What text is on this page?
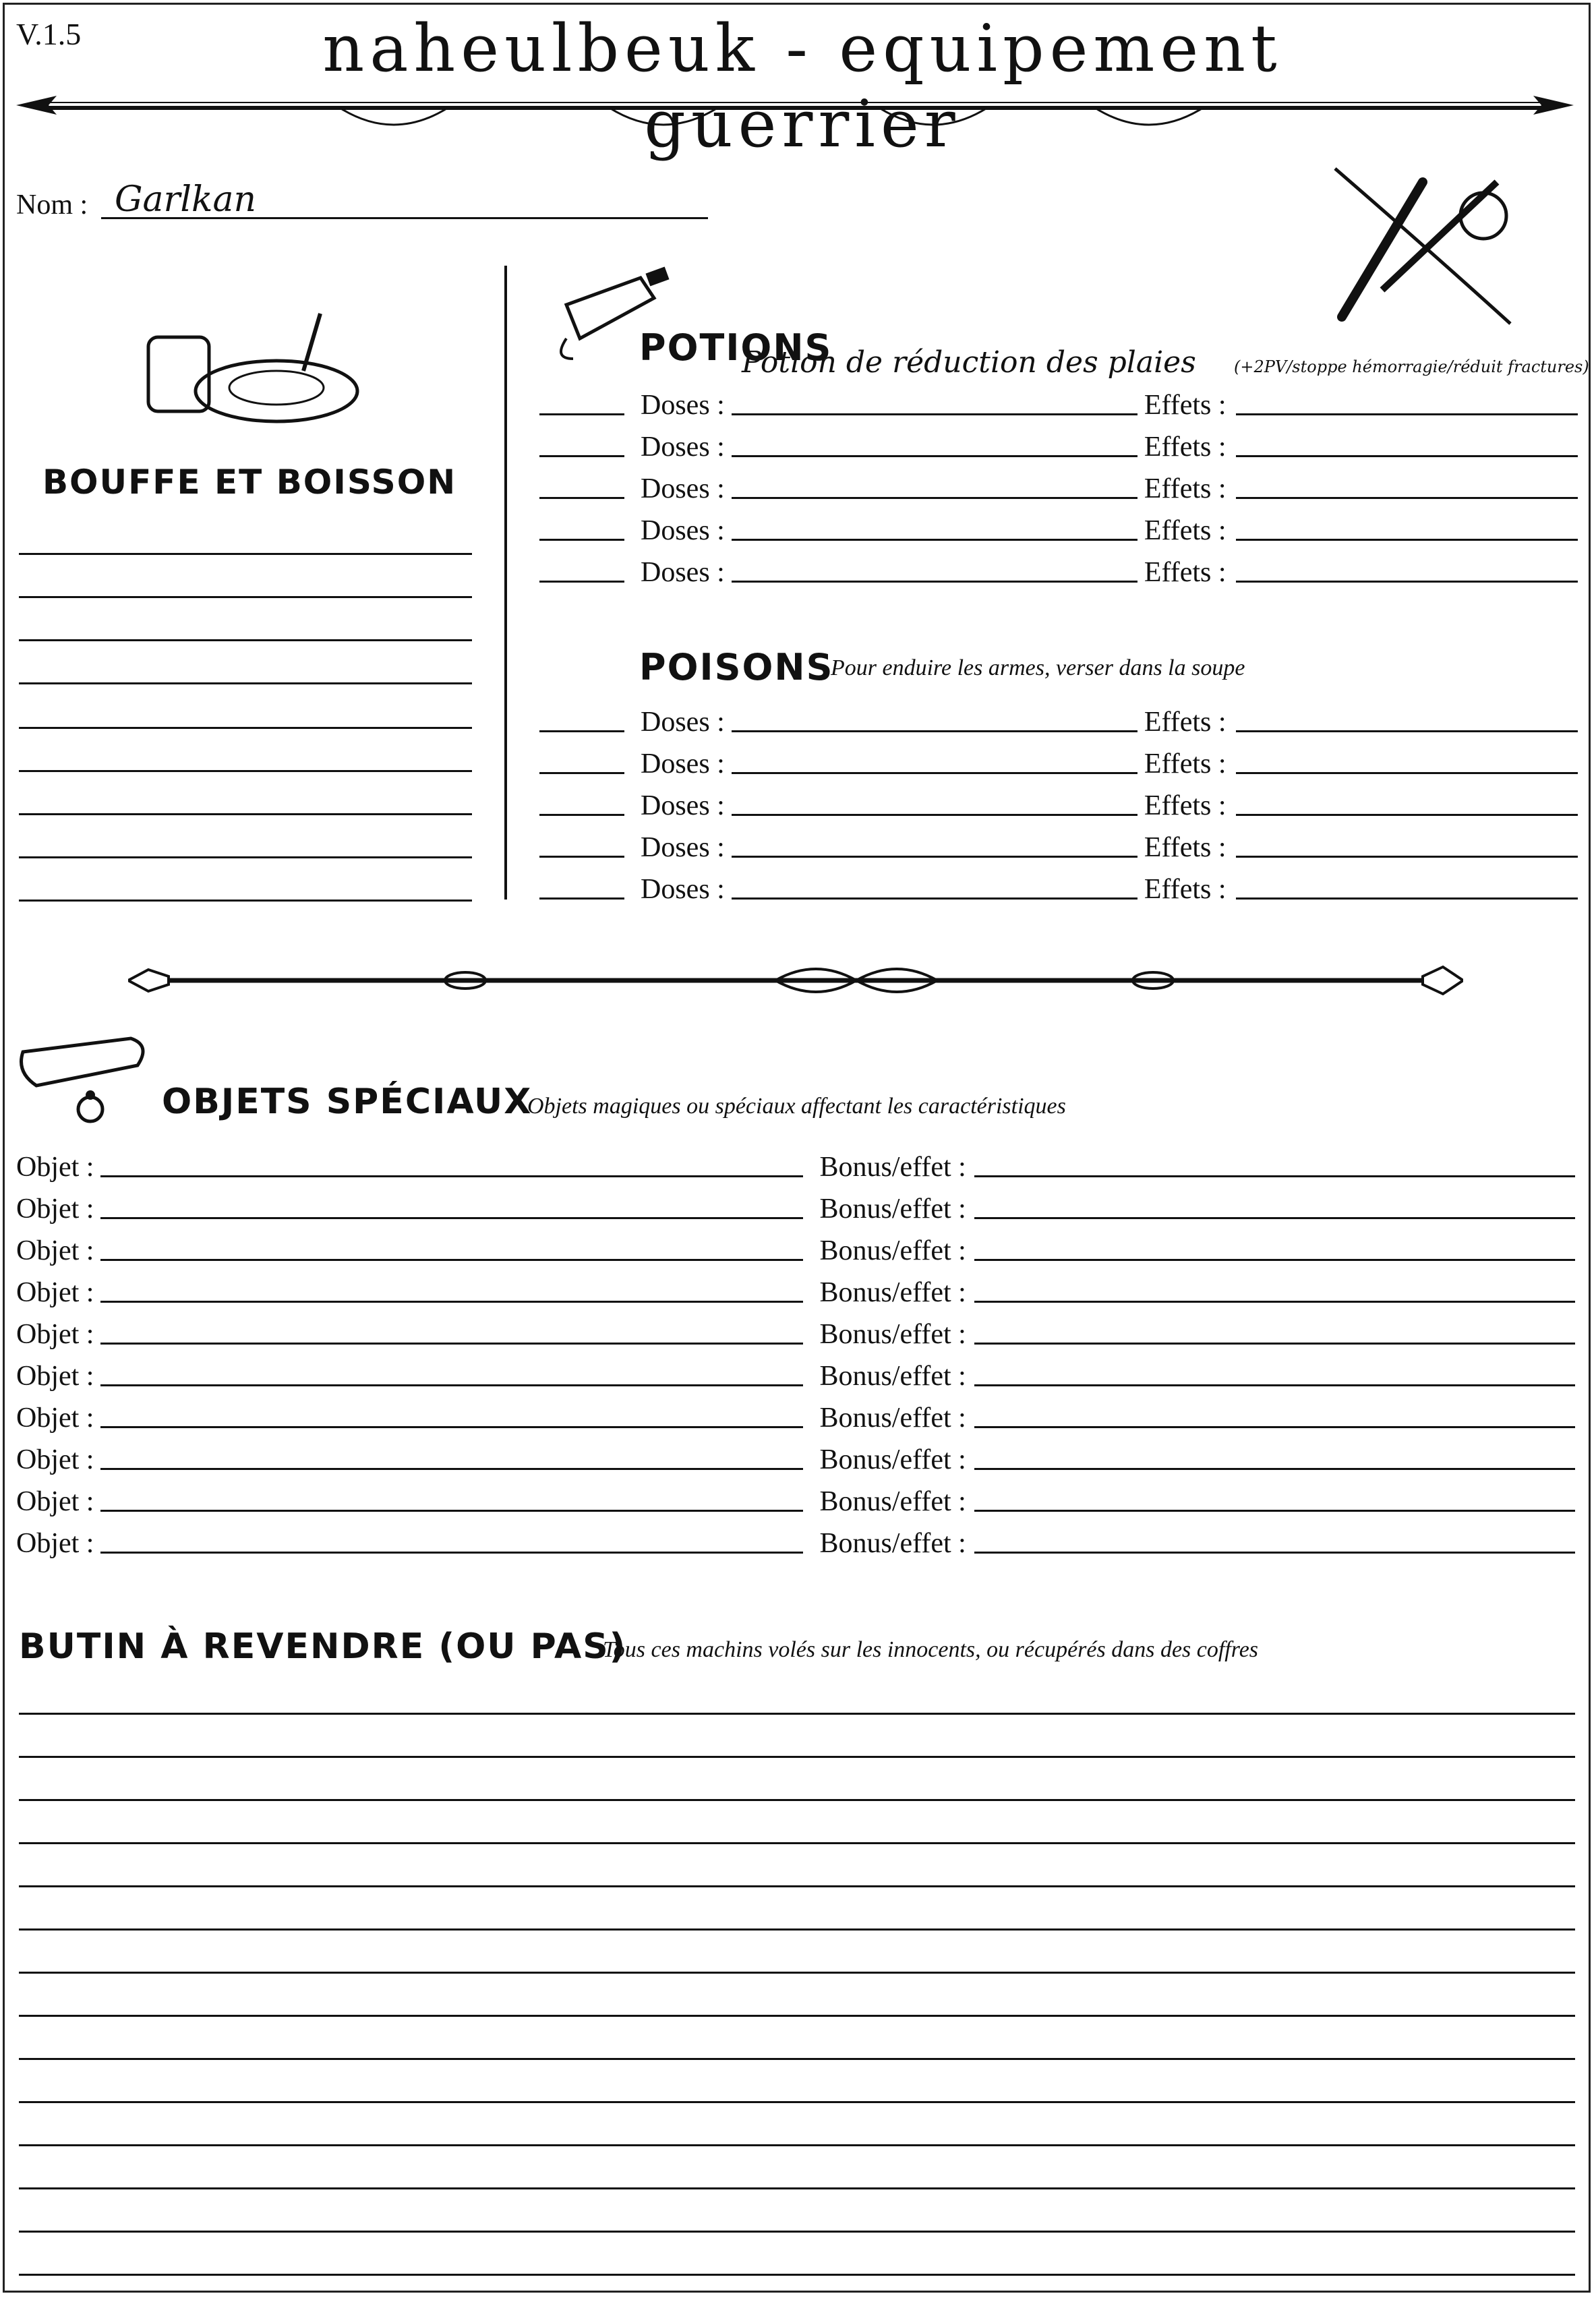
V.1.5	naheulbeuk - equipement guerrier
Nom : Garlkan
BOUFFE ET BOISSON
POTIONS
Potion de réduction des plaies (+2PV/stoppe hémorragie/réduit fractures)
Doses :	Effets :
Doses :	Effets :
Doses :	Effets :
Doses :	Effets :
Doses :	Effets :
POISONS
Pour enduire les armes, verser dans la soupe
Doses :	Effets :
Doses :	Effets :
Doses :	Effets :
Doses :	Effets :
Doses :	Effets :
OBJETS SPÉCIAUX
Objets magiques ou spéciaux affectant les caractéristiques
Objet :	Bonus/effet :
Objet :	Bonus/effet :
Objet :	Bonus/effet :
Objet :	Bonus/effet :
Objet :	Bonus/effet :
Objet :	Bonus/effet :
Objet :	Bonus/effet :
Objet :	Bonus/effet :
Objet :	Bonus/effet :
Objet :	Bonus/effet :
BUTIN À REVENDRE (OU PAS)
Tous ces machins volés sur les innocents, ou récupérés dans des coffres
